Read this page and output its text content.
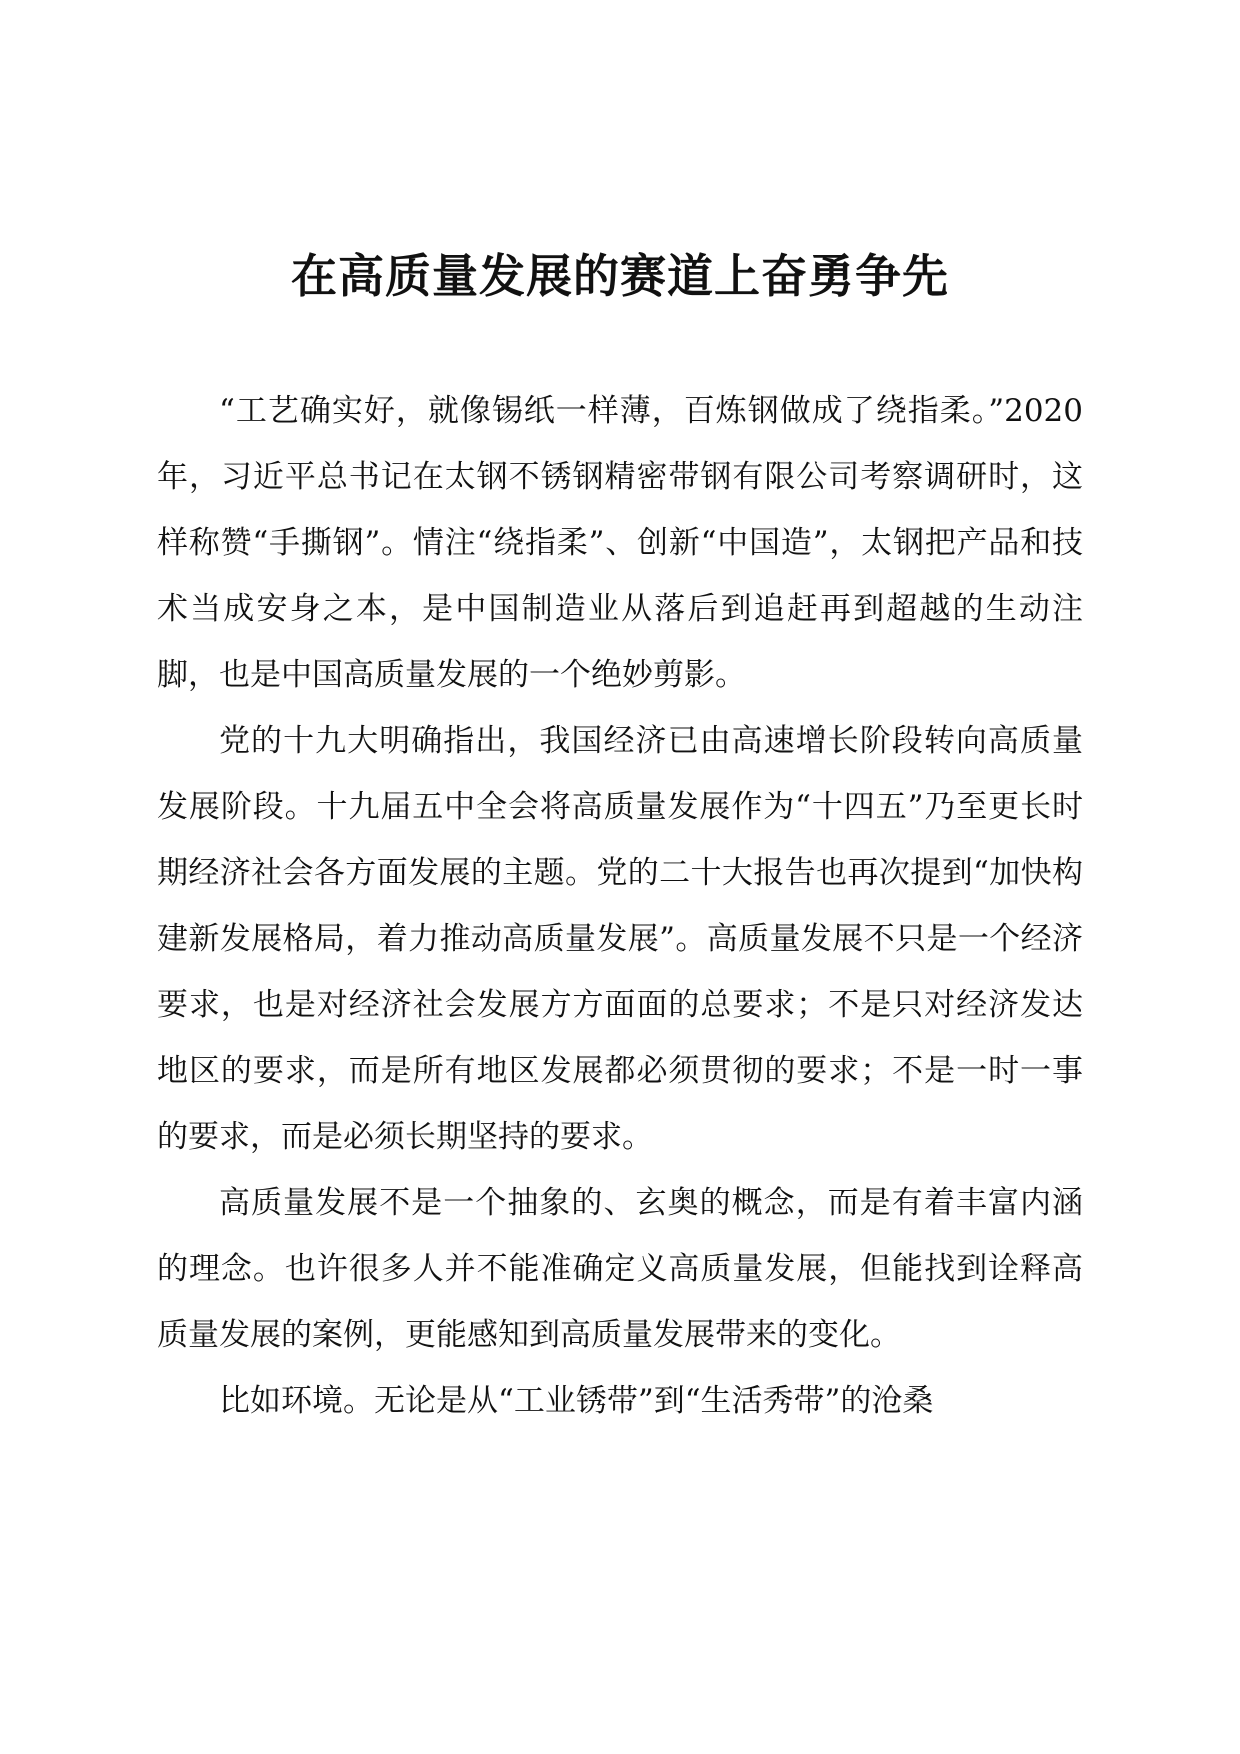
在高质量发展的赛道上奋勇争先

“工艺确实好，就像锡纸一样薄，百炼钢做成了绕指柔。”2020年，习近平总书记在太钢不锈钢精密带钢有限公司考察调研时，这样称赞“手撕钢”。情注“绕指柔”、创新“中国造”，太钢把产品和技术当成安身之本，是中国制造业从落后到追赶再到超越的生动注脚，也是中国高质量发展的一个绝妙剪影。

党的十九大明确指出，我国经济已由高速增长阶段转向高质量发展阶段。十九届五中全会将高质量发展作为“十四五”乃至更长时期经济社会各方面发展的主题。党的二十大报告也再次提到“加快构建新发展格局，着力推动高质量发展”。高质量发展不只是一个经济要求，也是对经济社会发展方方面面的总要求；不是只对经济发达地区的要求，而是所有地区发展都必须贯彻的要求；不是一时一事的要求，而是必须长期坚持的要求。

高质量发展不是一个抽象的、玄奥的概念，而是有着丰富内涵的理念。也许很多人并不能准确定义高质量发展，但能找到诠释高质量发展的案例，更能感知到高质量发展带来的变化。

比如环境。无论是从“工业锈带”到“生活秀带”的沧桑
